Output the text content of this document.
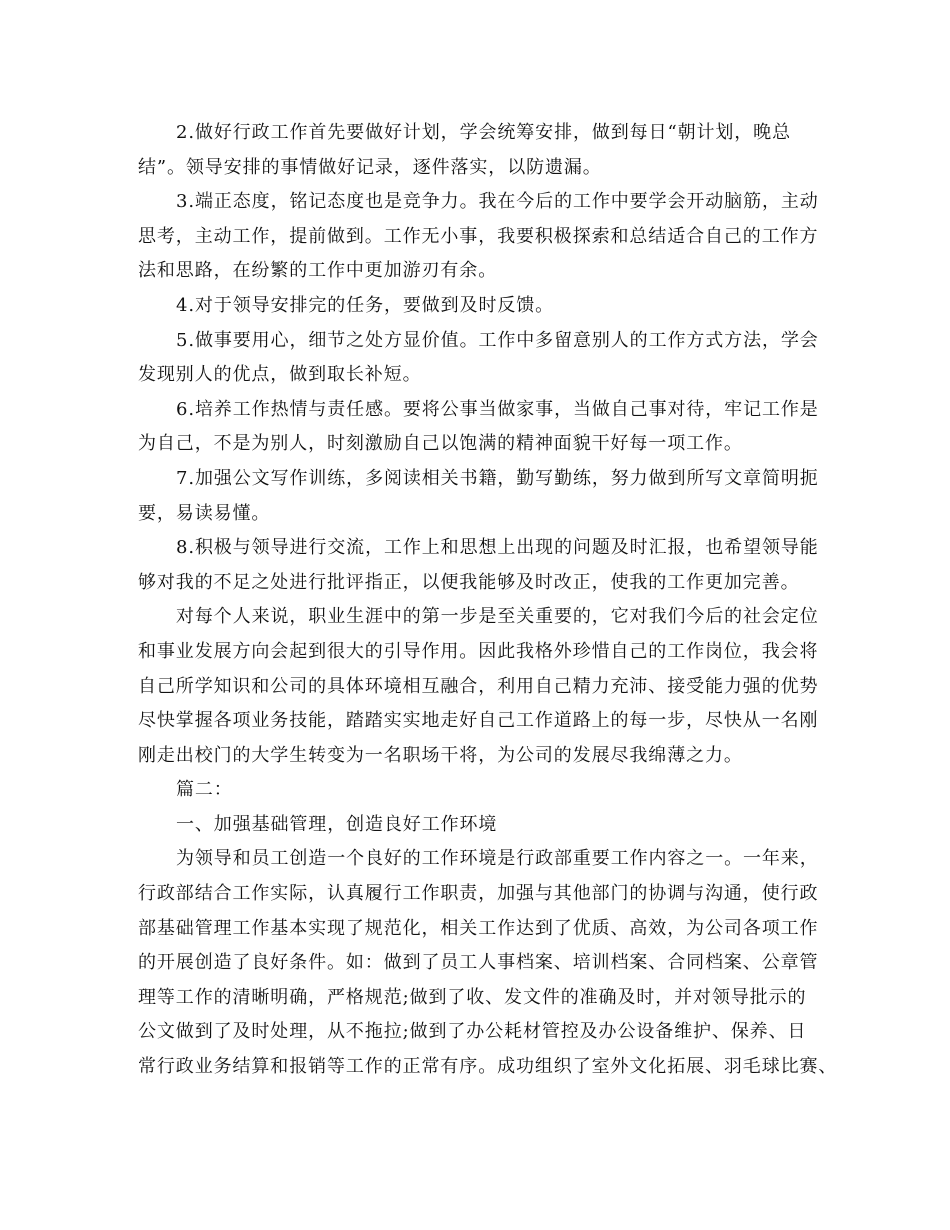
2.做好行政工作首先要做好计划，学会统筹安排，做到每日“朝计划，晚总
结”。领导安排的事情做好记录，逐件落实，以防遗漏。
3.端正态度，铭记态度也是竞争力。我在今后的工作中要学会开动脑筋，主动
思考，主动工作，提前做到。工作无小事，我要积极探索和总结适合自己的工作方
法和思路，在纷繁的工作中更加游刃有余。
4.对于领导安排完的任务，要做到及时反馈。
5.做事要用心，细节之处方显价值。工作中多留意别人的工作方式方法，学会
发现别人的优点，做到取长补短。
6.培养工作热情与责任感。要将公事当做家事，当做自己事对待，牢记工作是
为自己，不是为别人，时刻激励自己以饱满的精神面貌干好每一项工作。
7.加强公文写作训练，多阅读相关书籍，勤写勤练，努力做到所写文章简明扼
要，易读易懂。
8.积极与领导进行交流，工作上和思想上出现的问题及时汇报，也希望领导能
够对我的不足之处进行批评指正，以便我能够及时改正，使我的工作更加完善。
对每个人来说，职业生涯中的第一步是至关重要的，它对我们今后的社会定位
和事业发展方向会起到很大的引导作用。因此我格外珍惜自己的工作岗位，我会将
自己所学知识和公司的具体环境相互融合，利用自己精力充沛、接受能力强的优势
尽快掌握各项业务技能，踏踏实实地走好自己工作道路上的每一步，尽快从一名刚
刚走出校门的大学生转变为一名职场干将，为公司的发展尽我绵薄之力。
篇二：
一、加强基础管理，创造良好工作环境
为领导和员工创造一个良好的工作环境是行政部重要工作内容之一。一年来，
行政部结合工作实际，认真履行工作职责，加强与其他部门的协调与沟通，使行政
部基础管理工作基本实现了规范化，相关工作达到了优质、高效，为公司各项工作
的开展创造了良好条件。如：做到了员工人事档案、培训档案、合同档案、公章管
理等工作的清晰明确，严格规范;做到了收、发文件的准确及时，并对领导批示的
公文做到了及时处理，从不拖拉;做到了办公耗材管控及办公设备维护、保养、日
常行政业务结算和报销等工作的正常有序。成功组织了室外文化拓展、羽毛球比赛、
